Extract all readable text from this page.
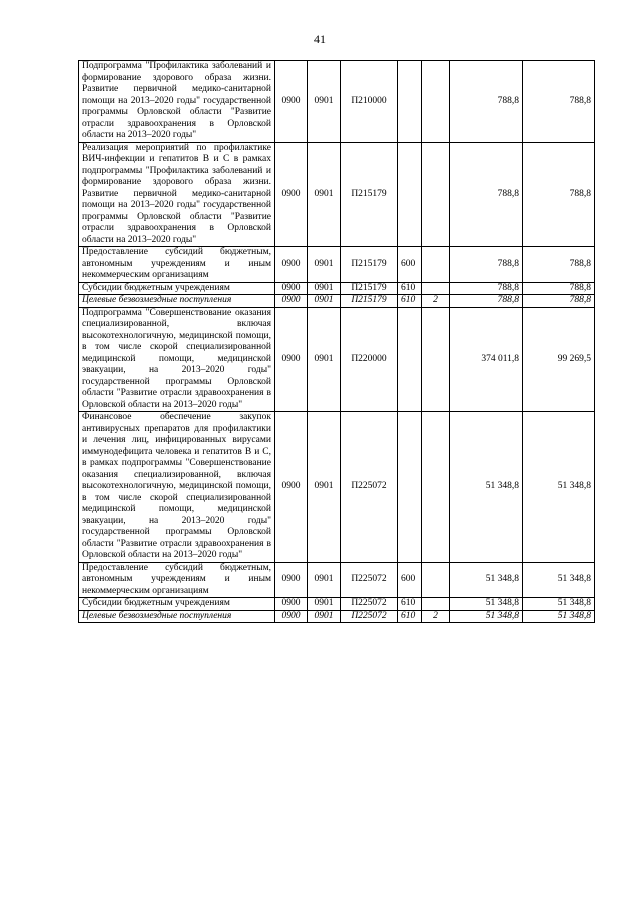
41
Подпрограмма "Профилактика заболеваний и формирование здорового образа жизни. Развитие первичной медико-санитарной помощи на 2013–2020 годы" государственной программы Орловской области "Развитие отрасли здравоохранения в Орловской области на 2013–2020 годы"	0900	0901	П210000			788,8	788,8
Реализация мероприятий по профилактике ВИЧ-инфекции и гепатитов В и С в рамках подпрограммы "Профилактика заболеваний и формирование здорового образа жизни. Развитие первичной медико-санитарной помощи на 2013–2020 годы" государственной программы Орловской области "Развитие отрасли здравоохранения в Орловской области на 2013–2020 годы"	0900	0901	П215179			788,8	788,8
Предоставление субсидий бюджетным, автономным учреждениям и иным некоммерческим организациям	0900	0901	П215179	600		788,8	788,8
Субсидии бюджетным учреждениям	0900	0901	П215179	610		788,8	788,8
Целевые безвозмездные поступления	0900	0901	П215179	610	2	788,8	788,8
Подпрограмма "Совершенствование оказания специализированной, включая высокотехнологичную, медицинской помощи, в том числе скорой специализированной медицинской помощи, медицинской эвакуации, на 2013–2020 годы" государственной программы Орловской области "Развитие отрасли здравоохранения в Орловской области на 2013–2020 годы"	0900	0901	П220000			374 011,8	99 269,5
Финансовое обеспечение закупок антивирусных препаратов для профилактики и лечения лиц, инфицированных вирусами иммунодефицита человека и гепатитов В и С, в рамках подпрограммы "Совершенствование оказания специализированной, включая высокотехнологичную, медицинской помощи, в том числе скорой специализированной медицинской помощи, медицинской эвакуации, на 2013–2020 годы" государственной программы Орловской области "Развитие отрасли здравоохранения в Орловской области на 2013–2020 годы"	0900	0901	П225072			51 348,8	51 348,8
Предоставление субсидий бюджетным, автономным учреждениям и иным некоммерческим организациям	0900	0901	П225072	600		51 348,8	51 348,8
Субсидии бюджетным учреждениям	0900	0901	П225072	610		51 348,8	51 348,8
Целевые безвозмездные поступления	0900	0901	П225072	610	2	51 348,8	51 348,8
